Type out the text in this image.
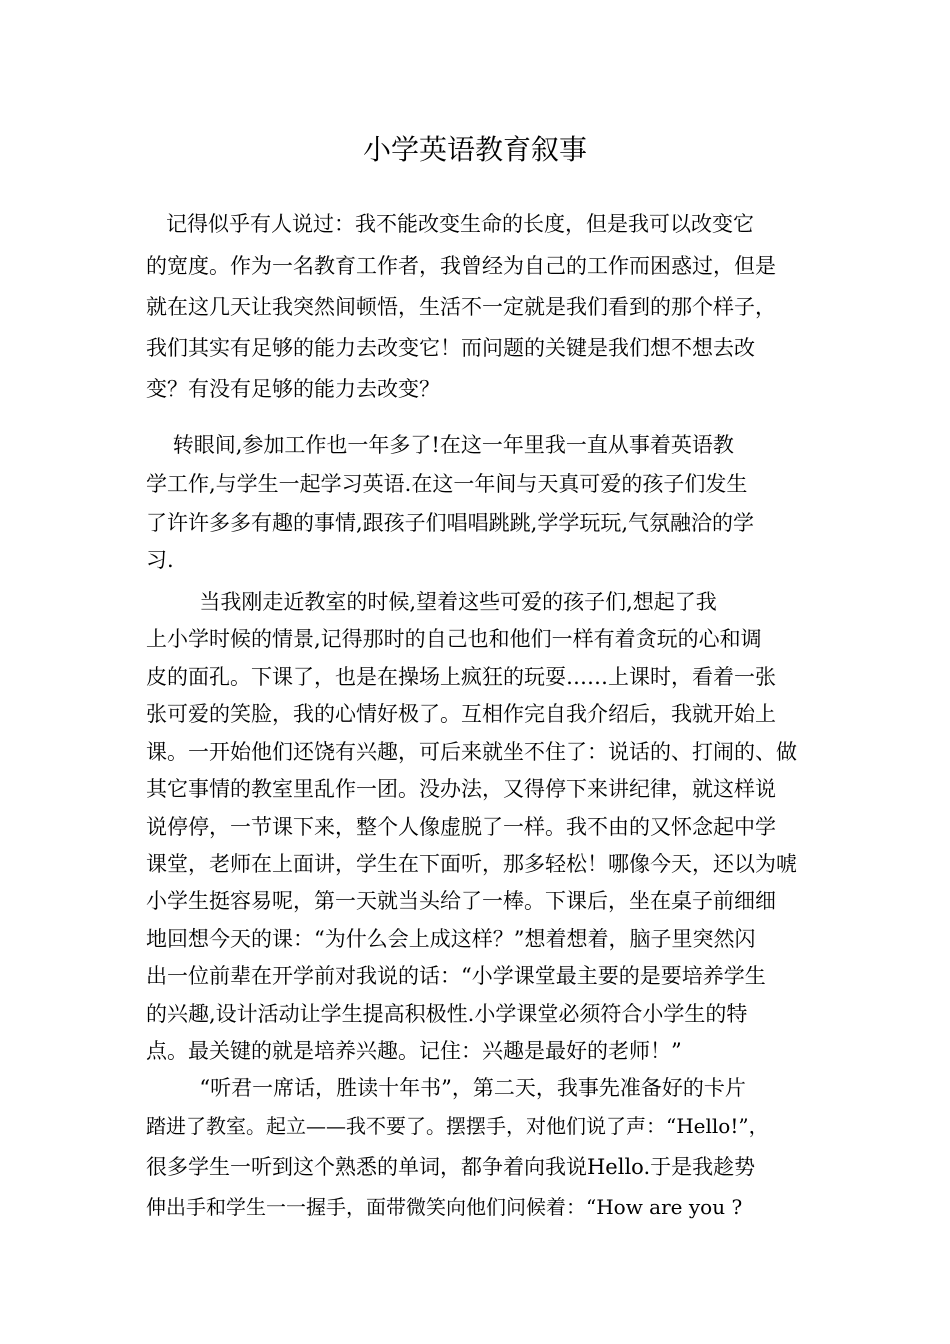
小学英语教育叙事

记得似乎有人说过：我不能改变生命的长度，但是我可以改变它

的宽度。作为一名教育工作者，我曾经为自己的工作而困惑过，但是

就在这几天让我突然间顿悟，生活不一定就是我们看到的那个样子，

我们其实有足够的能力去改变它！而问题的关键是我们想不想去改

变？有没有足够的能力去改变？

转眼间,参加工作也一年多了!在这一年里我一直从事着英语教

学工作,与学生一起学习英语.在这一年间与天真可爱的孩子们发生

了许许多多有趣的事情,跟孩子们唱唱跳跳,学学玩玩,气氛融洽的学

习.

当我刚走近教室的时候,望着这些可爱的孩子们,想起了我

上小学时候的情景,记得那时的自己也和他们一样有着贪玩的心和调

皮的面孔。下课了，也是在操场上疯狂的玩耍……上课时，看着一张

张可爱的笑脸，我的心情好极了。互相作完自我介绍后，我就开始上

课。一开始他们还饶有兴趣，可后来就坐不住了：说话的、打闹的、做

其它事情的教室里乱作一团。没办法，又得停下来讲纪律，就这样说

说停停，一节课下来，整个人像虚脱了一样。我不由的又怀念起中学

课堂，老师在上面讲，学生在下面听，那多轻松！哪像今天，还以为唬

小学生挺容易呢，第一天就当头给了一棒。下课后，坐在桌子前细细

地回想今天的课：“为什么会上成这样？”想着想着，脑子里突然闪

出一位前辈在开学前对我说的话：“小学课堂最主要的是要培养学生

的兴趣,设计活动让学生提高积极性.小学课堂必须符合小学生的特

点。最关键的就是培养兴趣。记住：兴趣是最好的老师！”

“听君一席话，胜读十年书”，第二天，我事先准备好的卡片

踏进了教室。起立——我不要了。摆摆手，对他们说了声：“Hello!”，

很多学生一听到这个熟悉的单词，都争着向我说Hello.于是我趁势

伸出手和学生一一握手，面带微笑向他们问候着：“How are you ?
